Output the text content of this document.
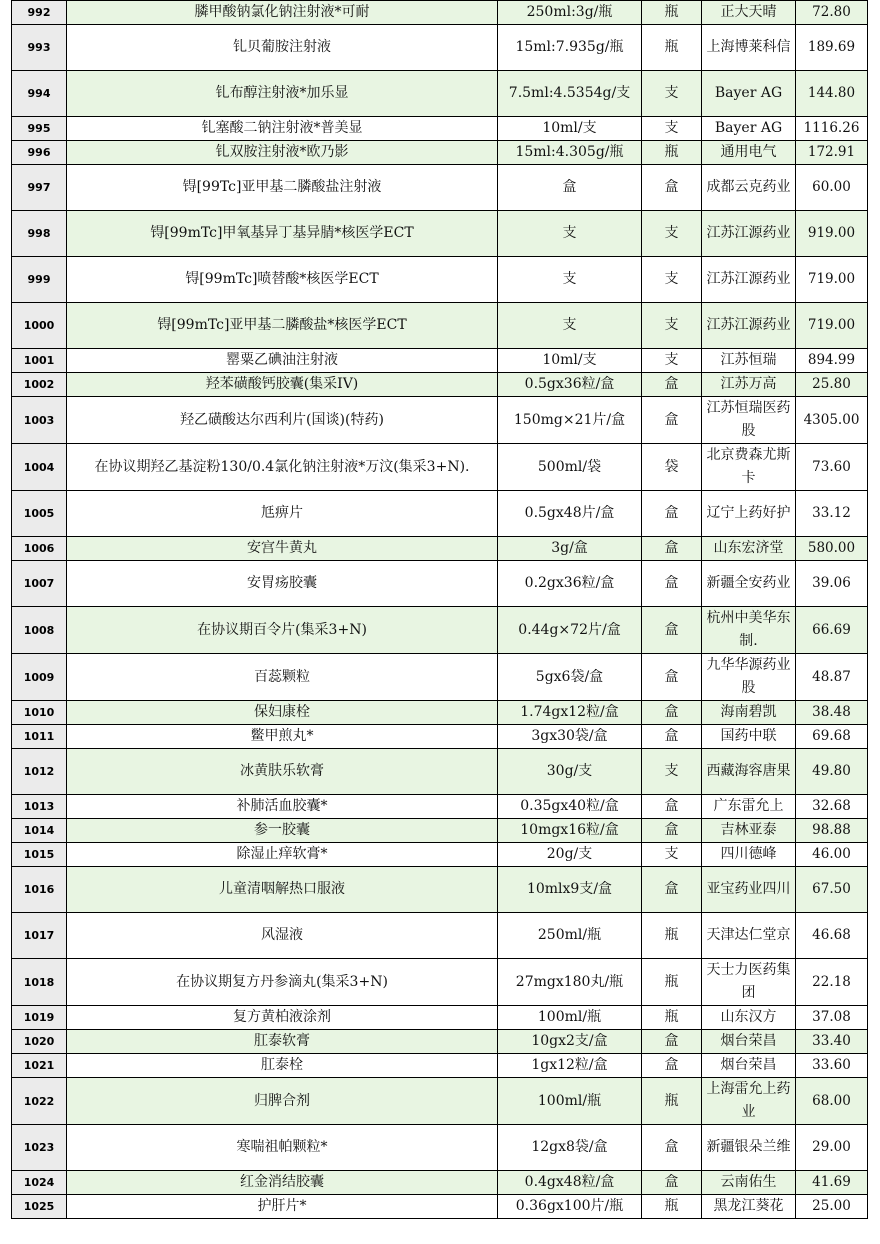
992	膦甲酸钠氯化钠注射液*可耐	250ml:3g/瓶	瓶	正大天晴	72.80
993	钆贝葡胺注射液	15ml:7.935g/瓶	瓶	上海博莱科信	189.69
994	钆布醇注射液*加乐显	7.5ml:4.5354g/支	支	Bayer AG	144.80
995	钆塞酸二钠注射液*普美显	10ml/支	支	Bayer AG	1116.26
996	钆双胺注射液*欧乃影	15ml:4.305g/瓶	瓶	通用电气	172.91
997	锝[99Tc]亚甲基二膦酸盐注射液	盒	盒	成都云克药业	60.00
998	锝[99mTc]甲氧基异丁基异腈*核医学ECT	支	支	江苏江源药业	919.00
999	锝[99mTc]喷替酸*核医学ECT	支	支	江苏江源药业	719.00
1000	锝[99mTc]亚甲基二膦酸盐*核医学ECT	支	支	江苏江源药业	719.00
1001	罂粟乙碘油注射液	10ml/支	支	江苏恒瑞	894.99
1002	羟苯磺酸钙胶囊(集采IV)	0.5gx36粒/盒	盒	江苏万高	25.80
1003	羟乙磺酸达尔西利片(国谈)(特药)	150mg×21片/盒	盒	江苏恒瑞医药股	4305.00
1004	在协议期羟乙基淀粉130/0.4氯化钠注射液*万汶(集采3+N).	500ml/袋	袋	北京费森尤斯卡	73.60
1005	尪痹片	0.5gx48片/盒	盒	辽宁上药好护	33.12
1006	安宫牛黄丸	3g/盒	盒	山东宏济堂	580.00
1007	安胃疡胶囊	0.2gx36粒/盒	盒	新疆全安药业	39.06
1008	在协议期百令片(集采3+N)	0.44g×72片/盒	盒	杭州中美华东制.	66.69
1009	百蕊颗粒	5gx6袋/盒	盒	九华华源药业股	48.87
1010	保妇康栓	1.74gx12粒/盒	盒	海南碧凯	38.48
1011	鳖甲煎丸*	3gx30袋/盒	盒	国药中联	69.68
1012	冰黄肤乐软膏	30g/支	支	西藏海容唐果	49.80
1013	补肺活血胶囊*	0.35gx40粒/盒	盒	广东雷允上	32.68
1014	参一胶囊	10mgx16粒/盒	盒	吉林亚泰	98.88
1015	除湿止痒软膏*	20g/支	支	四川德峰	46.00
1016	儿童清咽解热口服液	10mlx9支/盒	盒	亚宝药业四川	67.50
1017	风湿液	250ml/瓶	瓶	天津达仁堂京	46.68
1018	在协议期复方丹参滴丸(集采3+N)	27mgx180丸/瓶	瓶	天士力医药集团	22.18
1019	复方黄柏液涂剂	100ml/瓶	瓶	山东汉方	37.08
1020	肛泰软膏	10gx2支/盒	盒	烟台荣昌	33.40
1021	肛泰栓	1gx12粒/盒	盒	烟台荣昌	33.60
1022	归脾合剂	100ml/瓶	瓶	上海雷允上药业	68.00
1023	寒喘祖帕颗粒*	12gx8袋/盒	盒	新疆银朵兰维	29.00
1024	红金消结胶囊	0.4gx48粒/盒	盒	云南佑生	41.69
1025	护肝片*	0.36gx100片/瓶	瓶	黑龙江葵花	25.00
